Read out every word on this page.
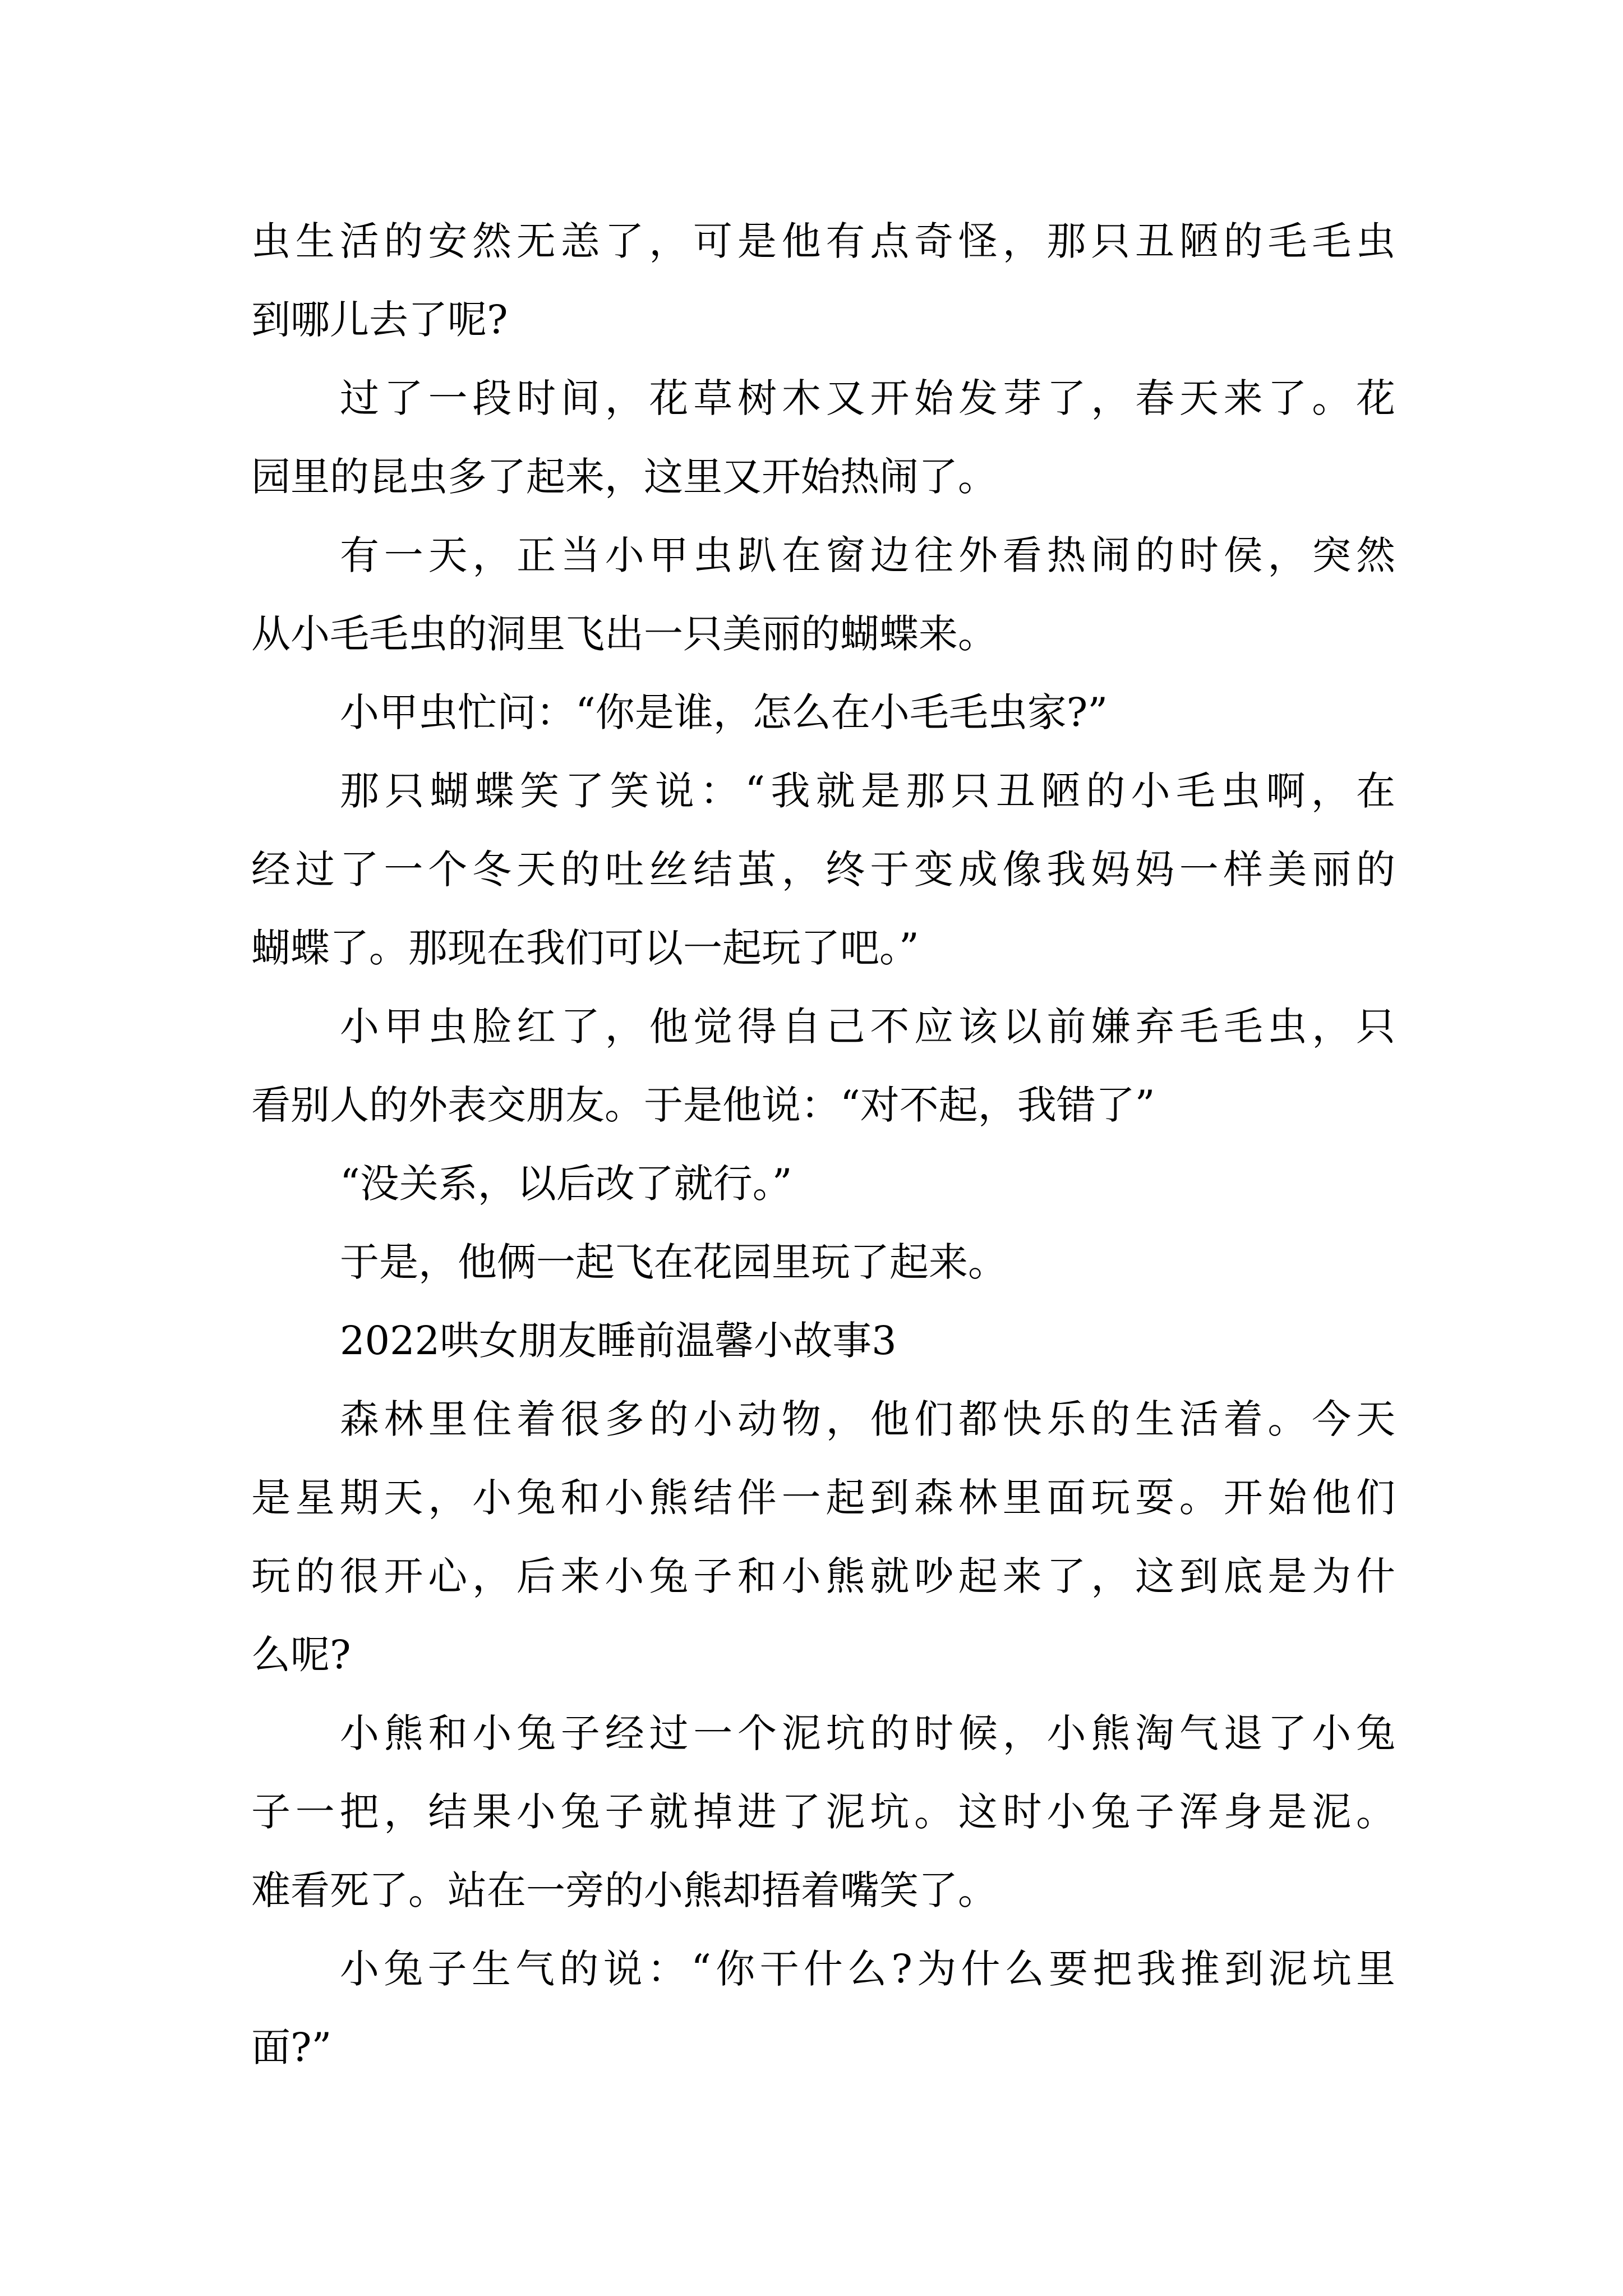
虫生活的安然无恙了，可是他有点奇怪，那只丑陋的毛毛虫
到哪儿去了呢?
过了一段时间，花草树木又开始发芽了，春天来了。花
园里的昆虫多了起来，这里又开始热闹了。
有一天，正当小甲虫趴在窗边往外看热闹的时侯，突然
从小毛毛虫的洞里飞出一只美丽的蝴蝶来。
小甲虫忙问：“你是谁，怎么在小毛毛虫家?”
那只蝴蝶笑了笑说：“我就是那只丑陋的小毛虫啊，在
经过了一个冬天的吐丝结茧，终于变成像我妈妈一样美丽的
蝴蝶了。那现在我们可以一起玩了吧。”
小甲虫脸红了，他觉得自己不应该以前嫌弃毛毛虫，只
看别人的外表交朋友。于是他说：“对不起，我错了”
“没关系，以后改了就行。”
于是，他俩一起飞在花园里玩了起来。
2022哄女朋友睡前温馨小故事3
森林里住着很多的小动物，他们都快乐的生活着。今天
是星期天，小兔和小熊结伴一起到森林里面玩耍。开始他们
玩的很开心，后来小兔子和小熊就吵起来了，这到底是为什
么呢?
小熊和小兔子经过一个泥坑的时候，小熊淘气退了小兔
子一把，结果小兔子就掉进了泥坑。这时小兔子浑身是泥。
难看死了。站在一旁的小熊却捂着嘴笑了。
小兔子生气的说：“你干什么?为什么要把我推到泥坑里
面?”
